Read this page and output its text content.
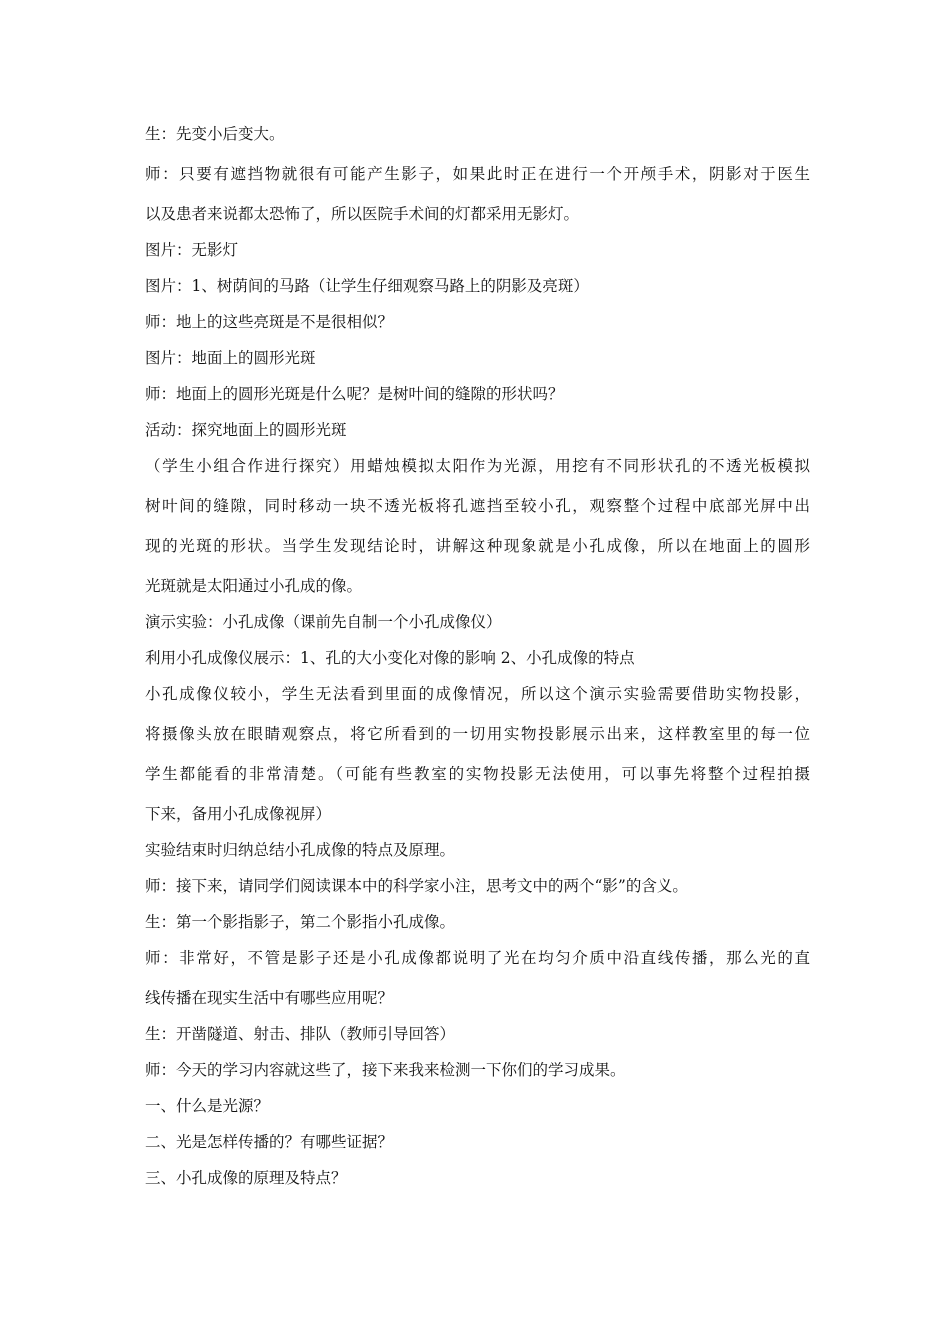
生：先变小后变大。
师：只要有遮挡物就很有可能产生影子，如果此时正在进行一个开颅手术，阴影对于医生
以及患者来说都太恐怖了，所以医院手术间的灯都采用无影灯。
图片：无影灯
图片：1、树荫间的马路（让学生仔细观察马路上的阴影及亮斑）
师：地上的这些亮斑是不是很相似？
图片：地面上的圆形光斑
师：地面上的圆形光斑是什么呢？是树叶间的缝隙的形状吗？
活动：探究地面上的圆形光斑
（学生小组合作进行探究）用蜡烛模拟太阳作为光源，用挖有不同形状孔的不透光板模拟
树叶间的缝隙，同时移动一块不透光板将孔遮挡至较小孔，观察整个过程中底部光屏中出
现的光斑的形状。当学生发现结论时，讲解这种现象就是小孔成像，所以在地面上的圆形
光斑就是太阳通过小孔成的像。
演示实验：小孔成像（课前先自制一个小孔成像仪）
利用小孔成像仪展示：1、孔的大小变化对像的影响 2、小孔成像的特点
小孔成像仪较小，学生无法看到里面的成像情况，所以这个演示实验需要借助实物投影，
将摄像头放在眼睛观察点，将它所看到的一切用实物投影展示出来，这样教室里的每一位
学生都能看的非常清楚。（可能有些教室的实物投影无法使用，可以事先将整个过程拍摄
下来，备用小孔成像视屏）
实验结束时归纳总结小孔成像的特点及原理。
师：接下来，请同学们阅读课本中的科学家小注，思考文中的两个“影”的含义。
生：第一个影指影子，第二个影指小孔成像。
师：非常好，不管是影子还是小孔成像都说明了光在均匀介质中沿直线传播，那么光的直
线传播在现实生活中有哪些应用呢？
生：开凿隧道、射击、排队（教师引导回答）
师：今天的学习内容就这些了，接下来我来检测一下你们的学习成果。
一、什么是光源？
二、光是怎样传播的？有哪些证据？
三、小孔成像的原理及特点？
